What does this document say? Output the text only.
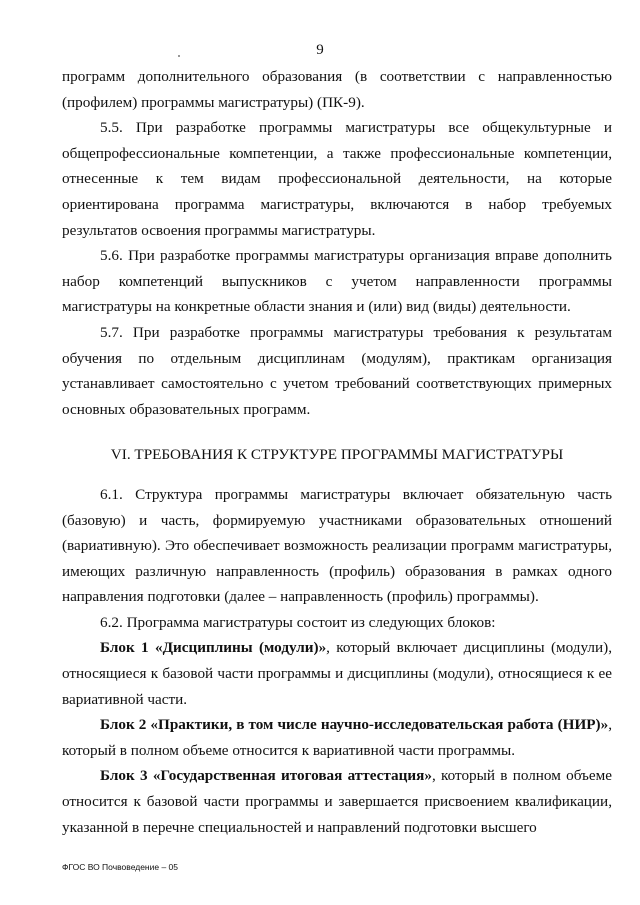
9

программ дополнительного образования (в соответствии с направленностью (профилем) программы магистратуры) (ПК-9).

5.5. При разработке программы магистратуры все общекультурные и общепрофессиональные компетенции, а также профессиональные компетенции, отнесенные к тем видам профессиональной деятельности, на которые ориентирована программа магистратуры, включаются в набор требуемых результатов освоения программы магистратуры.

5.6. При разработке программы магистратуры организация вправе дополнить набор компетенций выпускников с учетом направленности программы магистратуры на конкретные области знания и (или) вид (виды) деятельности.

5.7. При разработке программы магистратуры требования к результатам обучения по отдельным дисциплинам (модулям), практикам организация устанавливает самостоятельно с учетом требований соответствующих примерных основных образовательных программ.

VI. ТРЕБОВАНИЯ К СТРУКТУРЕ ПРОГРАММЫ МАГИСТРАТУРЫ

6.1. Структура программы магистратуры включает обязательную часть (базовую) и часть, формируемую участниками образовательных отношений (вариативную). Это обеспечивает возможность реализации программ магистратуры, имеющих различную направленность (профиль) образования в рамках одного направления подготовки (далее – направленность (профиль) программы).

6.2. Программа магистратуры состоит из следующих блоков:

Блок 1 «Дисциплины (модули)», который включает дисциплины (модули), относящиеся к базовой части программы и дисциплины (модули), относящиеся к ее вариативной части.

Блок 2 «Практики, в том числе научно-исследовательская работа (НИР)», который в полном объеме относится к вариативной части программы.

Блок 3 «Государственная итоговая аттестация», который в полном объеме относится к базовой части программы и завершается присвоением квалификации, указанной в перечне специальностей и направлений подготовки высшего

ФГОС ВО Почвоведение – 05
